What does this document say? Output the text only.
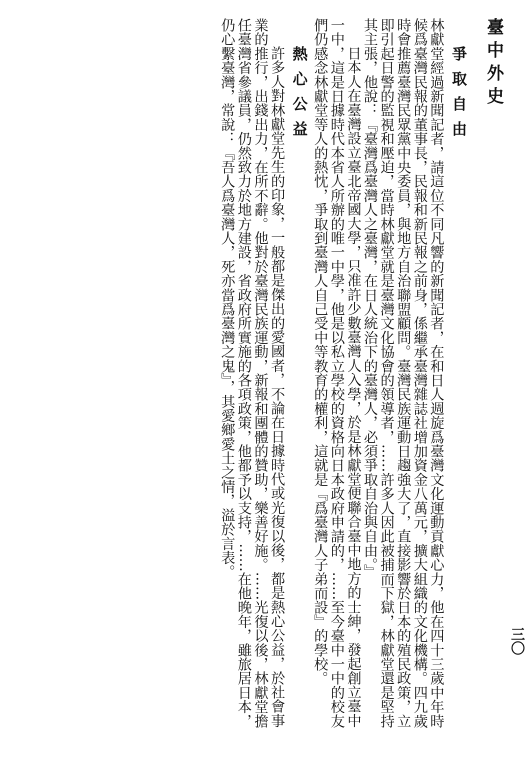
臺中外史
爭取自由

林獻堂經過新聞記者，請這位不同凡響的新聞記者，在和日人週旋爲臺灣文化運動貢獻心力，他在四十三歲中年時候爲臺灣民報的董事長，民報和新民報之前身，係繼承臺灣雜誌社增加資金八萬元，擴大組織的文化機構。四九歲時會推薦臺灣民眾黨中央委員，與地方自治聯盟顧問。臺灣民族運動日趨強大了，直接影響於日本的殖民政策，立即引起日警的監視和壓迫，當時林獻堂就是臺灣文化協會的領導者，……許多人因此被捕而下獄，林獻堂還是堅持其主張，他說：『臺灣爲臺灣人之臺灣，在日人統治下的臺灣人，必須爭取自治與自由。』

日本人在臺灣設立臺北帝國大學，只准許少數臺灣人入學，於是林獻堂便聯合臺中地方的士紳，發起創立臺中一中，這是日據時代本省人所辦的唯一中學，他是以私立學校的資格向日本政府申請的，……至今臺中一中的校友們仍感念林獻堂等人的熱忱，爭取到臺灣人自己受中等教育的權利，這就是『爲臺灣人子弟而設』的學校。

熱心公益

許多人對林獻堂先生的印象，一般都是傑出的愛國者，不論在日據時代或光復以後，都是熱心公益，於社會事業的推行，出錢出力，在所不辭。他對於臺灣民族運動，新報和團體的贊助，樂善好施。……光復以後，林獻堂擔任臺灣省參議員，仍然致力於地方建設，省政府所實施的各項政策，他都予以支持，……在他晚年，雖旅居日本，仍心繫臺灣，常說：『吾人爲臺灣人，死亦當爲臺灣之鬼』，其愛鄉愛土之情，溢於言表。

三〇
